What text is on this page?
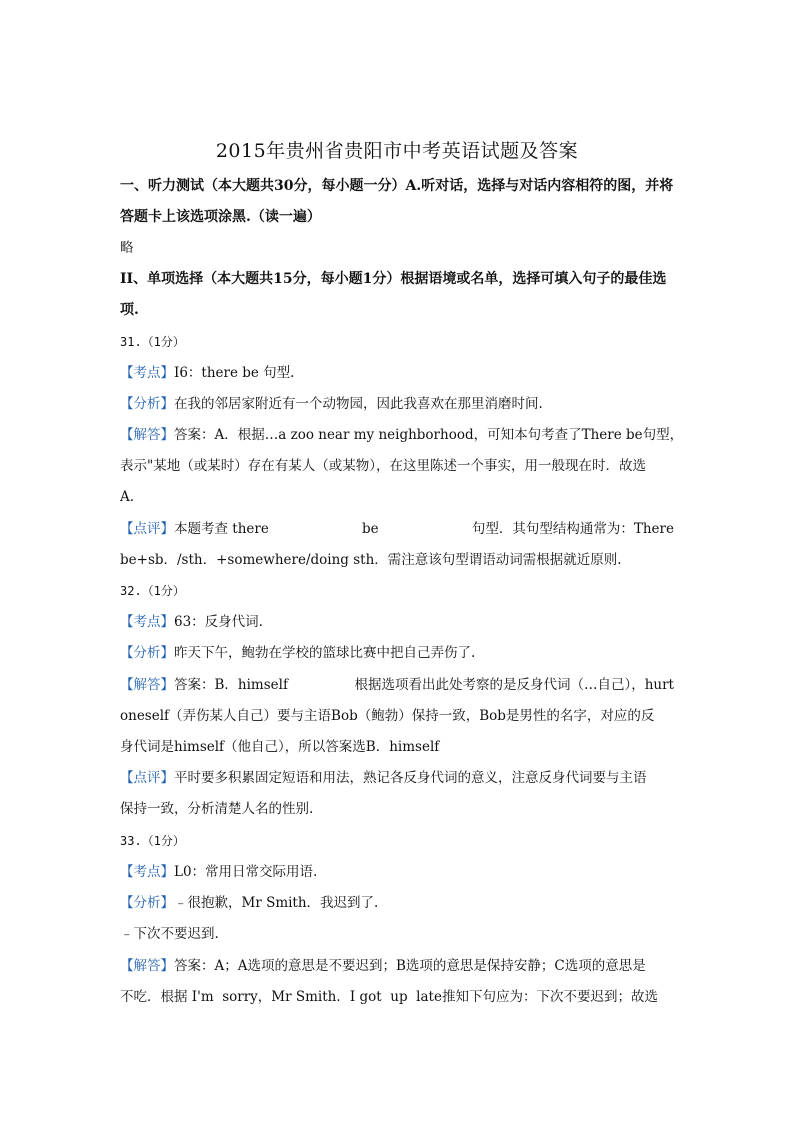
2015年贵州省贵阳市中考英语试题及答案
一、听力测试（本大题共30分，每小题一分）A.听对话，选择与对话内容相符的图，并将
答题卡上该选项涂黑.（读一遍）
略
II、单项选择（本大题共15分，每小题1分）根据语境或名单，选择可填入句子的最佳选
项.
31.（1分）
【 考点 】 I6：there be 句型.
【 分析 】 在我的邻居家附近有一个动物园，因此我喜欢在那里消磨时间.
【 解答 】 答案：A．根据…a zoo near my neighborhood，可知本句考查了There be句型，
表示"某地（或某时）存在有某人（或某物），在这里陈述一个事实，用一般现在时．故选
A.
【 点评 】 本题考查 there	be	句型．其句型结构通常为：There
be+sb．/sth．+somewhere/doing sth．需注意该句型谓语动词需根据就近原则.
32.（1分）
【 考点 】 63：反身代词.
【 分析 】 昨天下午，鲍勃在学校的篮球比赛中把自己弄伤了.
【 解答 】 答案：B．himself	根据选项看出此处考察的是反身代词（…自己），hurt
oneself（弄伤某人自己）要与主语Bob（鲍勃）保持一致，Bob是男性的名字，对应的反
身代词是himself（他自己），所以答案选B．himself
【 点评 】 平时要多积累固定短语和用法，熟记各反身代词的意义，注意反身代词要与主语
保持一致，分析清楚人名的性别.
33.（1分）
【 考点 】 L0：常用日常交际用语.
【 分析 】 ﹣很抱歉，Mr Smith．我迟到了.
﹣下次不要迟到.
【 解答 】 答案：A；A选项的意思是不要迟到；B选项的意思是保持安静；C选项的意思是
不吃．根据 I'm  sorry，Mr Smith．I got  up  late推知下句应为：下次不要迟到；故选
